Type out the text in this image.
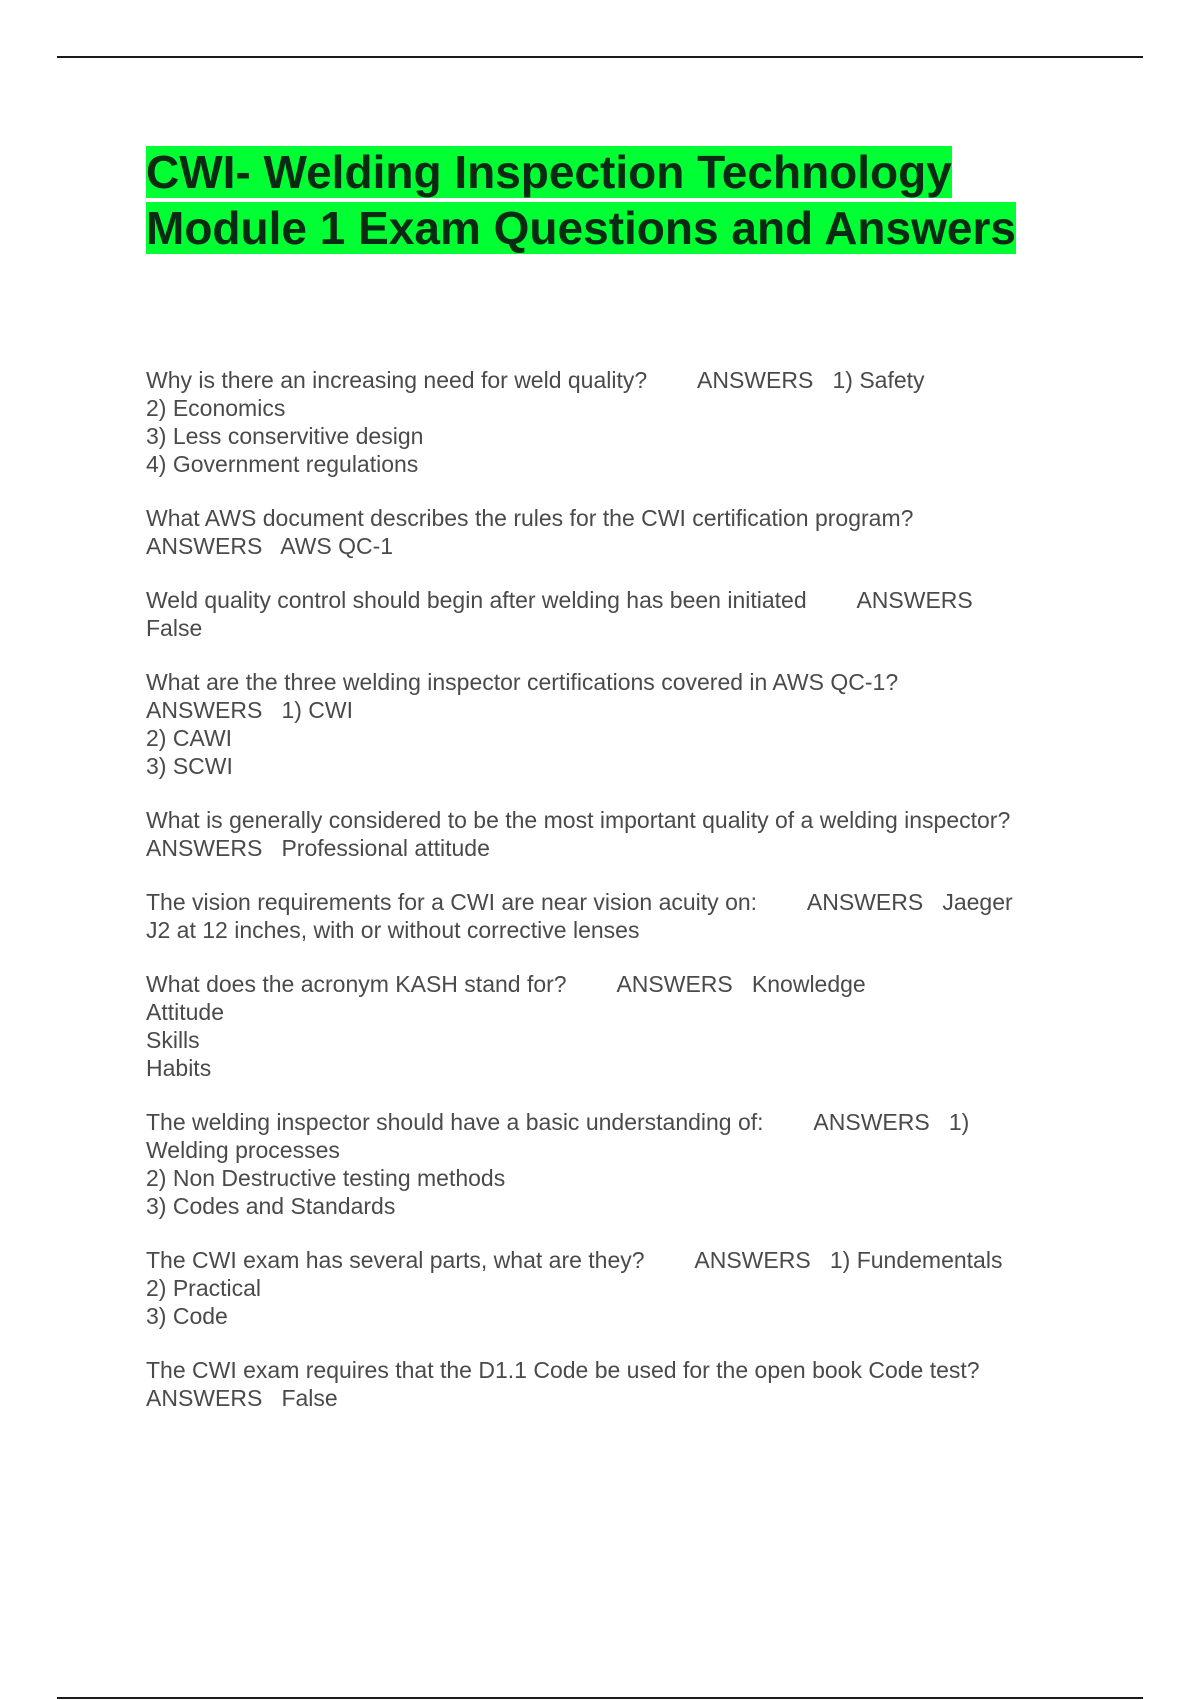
CWI- Welding Inspection Technology Module 1 Exam Questions and Answers
Why is there an increasing need for weld quality?        ANSWERS   1) Safety
2) Economics
3) Less conservitive design
4) Government regulations
What AWS document describes the rules for the CWI certification program?
ANSWERS   AWS QC-1
Weld quality control should begin after welding has been initiated        ANSWERS
False
What are the three welding inspector certifications covered in AWS QC-1?
ANSWERS   1) CWI
2) CAWI
3) SCWI
What is generally considered to be the most important quality of a welding inspector?
ANSWERS   Professional attitude
The vision requirements for a CWI are near vision acuity on:        ANSWERS   Jaeger
J2 at 12 inches, with or without corrective lenses
What does the acronym KASH stand for?        ANSWERS   Knowledge
Attitude
Skills
Habits
The welding inspector should have a basic understanding of:        ANSWERS   1)
Welding processes
2) Non Destructive testing methods
3) Codes and Standards
The CWI exam has several parts, what are they?        ANSWERS   1) Fundementals
2) Practical
3) Code
The CWI exam requires that the D1.1 Code be used for the open book Code test?
ANSWERS   False
